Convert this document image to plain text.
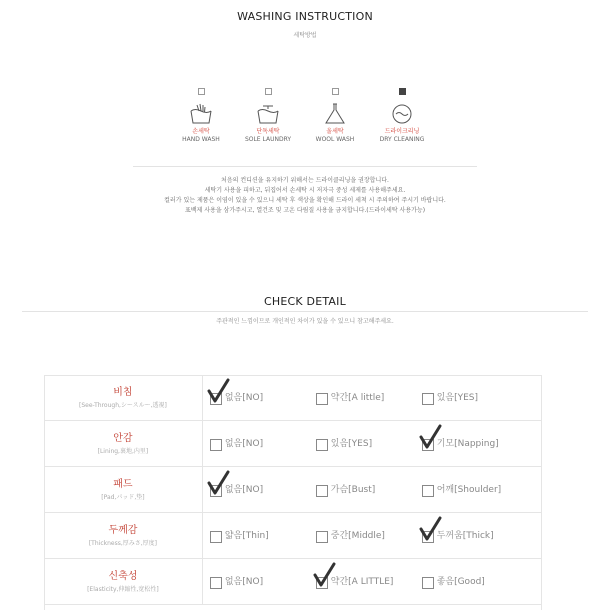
WASHING INSTRUCTION
세탁방법
손세탁
HAND WASH
단독세탁
SOLE LAUNDRY
울세탁
WOOL WASH
드라이크리닝
DRY CLEANING
처음의 컨디션을 유지하기 위해서는 드라이클리닝을 권장합니다.
세탁기 사용을 피하고, 뒤집어서 손세탁 시 저자극 중성 세제를 사용해주세요.
컬러가 있는 제품은 이염이 있을 수 있으니 세탁 후 색상을 확인해 드라이 세척 시 주의하여 주시기 바랍니다.
표백제 사용을 삼가주시고, 열건조 및 고온 다림질 사용을 금지합니다.(드라이세탁 사용가능)
CHECK DETAIL
주관적인 느낌이므로 개인적인 차이가 있을 수 있으니 참고해주세요.
비침
[See-Through,シースルー,透視]	없음[NO]	약간[A little]	있음[YES]

안감
[Lining,裏地,内里]	없음[NO]	있음[YES]	기모[Napping]

패드
[Pad,パッド,垫]	없음[NO]	가슴[Bust]	어깨[Shoulder]

두께감
[Thickness,厚みさ,厚度]	얇음[Thin]	중간[Middle]	두꺼움[Thick]

신축성
[Elasticity,伸縮性,宽松性]	없음[NO]	약간[A LITTLE]	좋음[Good]
